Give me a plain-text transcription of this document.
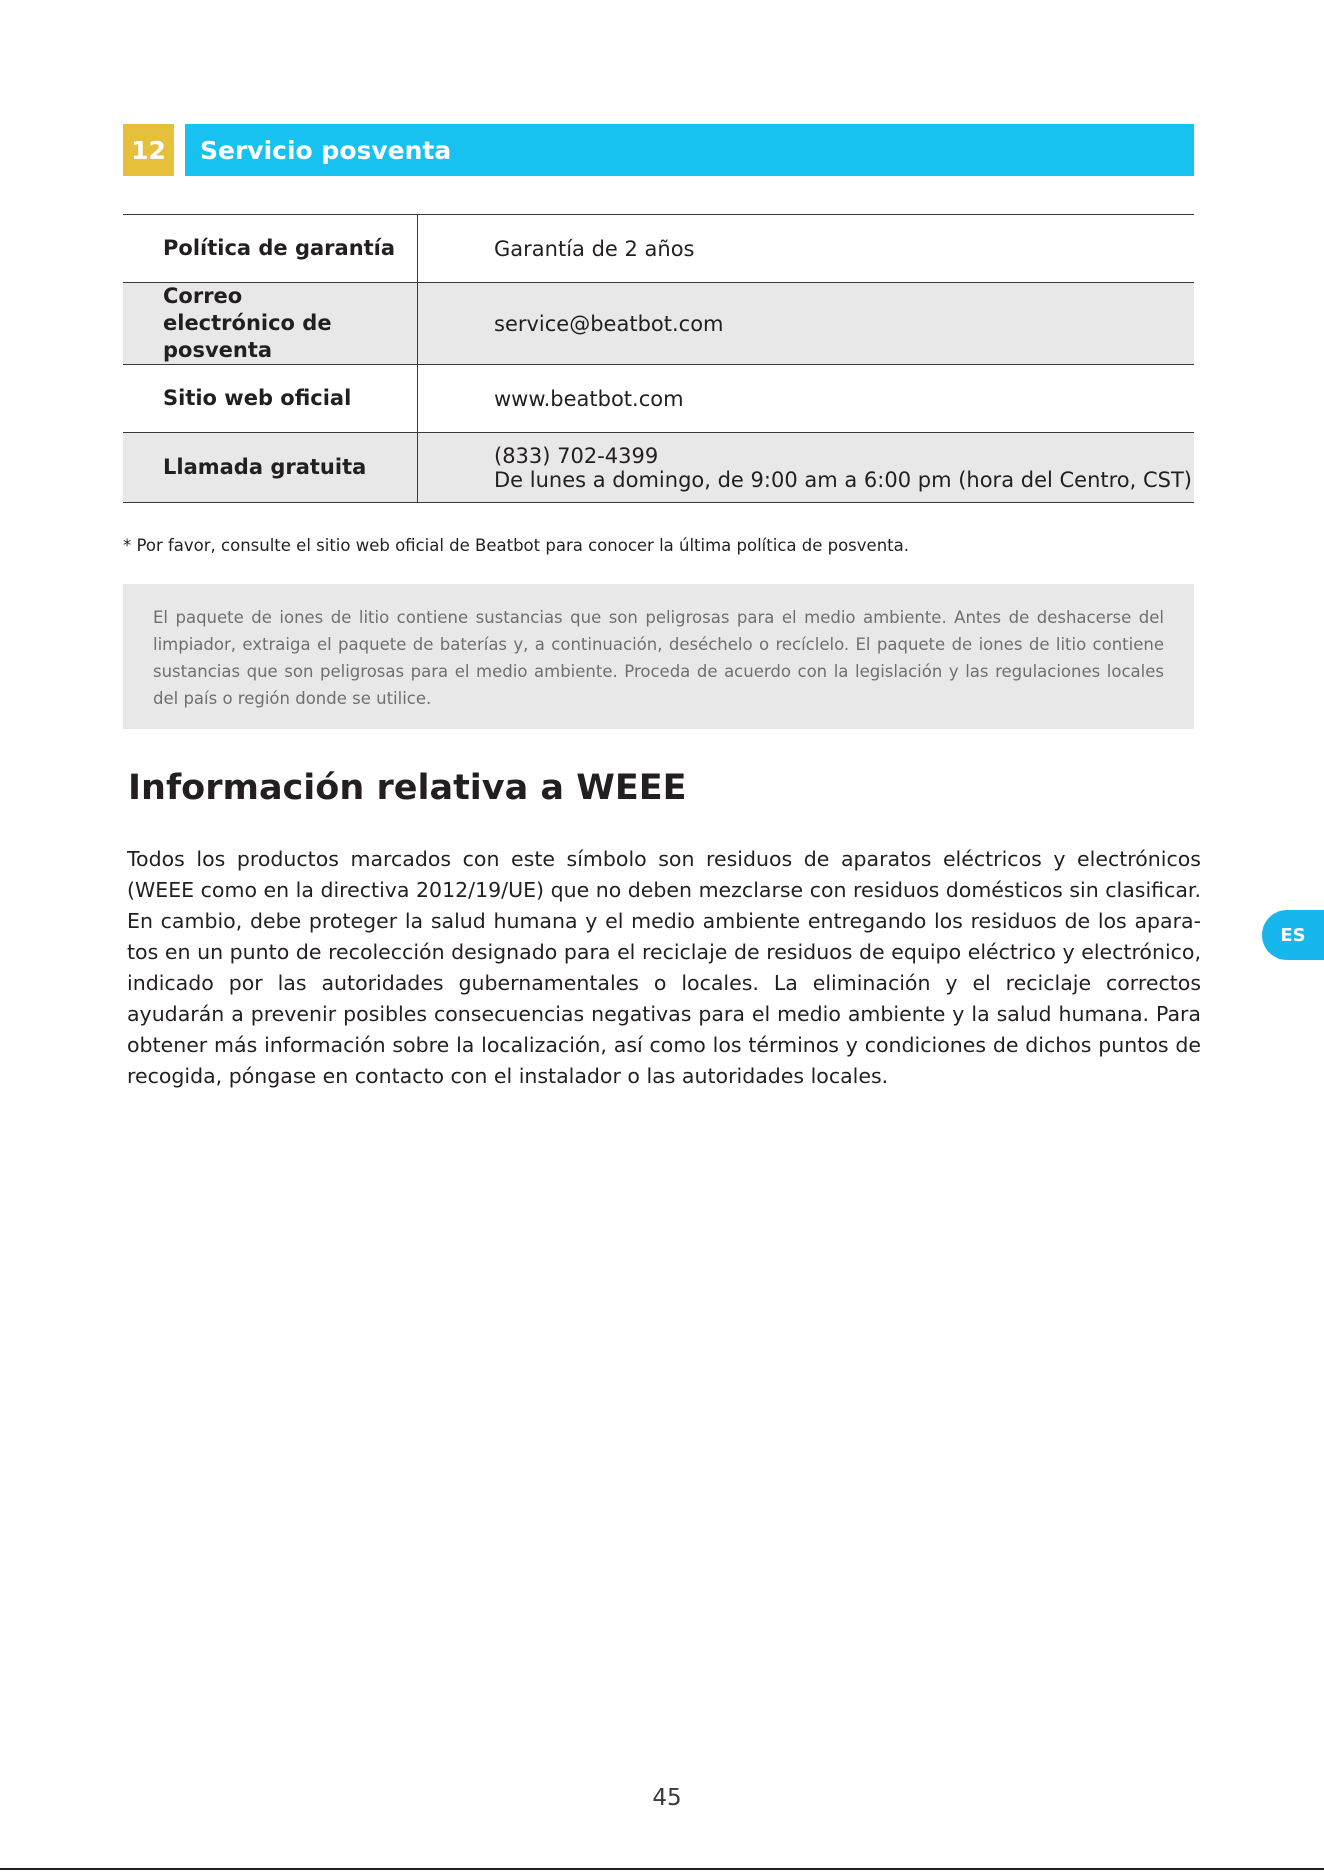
12	Servicio posventa
Política de garantía	Garantía de 2 años
Correo electrónico de posventa	service@beatbot.com
Sitio web oficial	www.beatbot.com
Llamada gratuita	(833) 702-4399
De lunes a domingo, de 9:00 am a 6:00 pm (hora del Centro, CST)
* Por favor, consulte el sitio web oficial de Beatbot para conocer la última política de posventa.
El paquete de iones de litio contiene sustancias que son peligrosas para el medio ambiente. Antes de deshacerse del limpiador, extraiga el paquete de baterías y, a continuación, deséchelo o recíclelo. El paquete de iones de litio contiene sustancias que son peligrosas para el medio ambiente. Proceda de acuerdo con la legislación y las regulaciones locales del país o región donde se utilice.
Información relativa a WEEE
Todos los productos marcados con este símbolo son residuos de aparatos eléctricos y electrónicos (WEEE como en la directiva 2012/19/UE) que no deben mezclarse con residuos domésticos sin clasificar. En cambio, debe proteger la salud humana y el medio ambiente entregando los residuos de los aparatos en un punto de recolección designado para el reciclaje de residuos de equipo eléctrico y electrónico, indicado por las autoridades gubernamentales o locales. La eliminación y el reciclaje correctos ayudarán a prevenir posibles consecuencias negativas para el medio ambiente y la salud humana. Para obtener más información sobre la localización, así como los términos y condiciones de dichos puntos de recogida, póngase en contacto con el instalador o las autoridades locales.
ES
45
